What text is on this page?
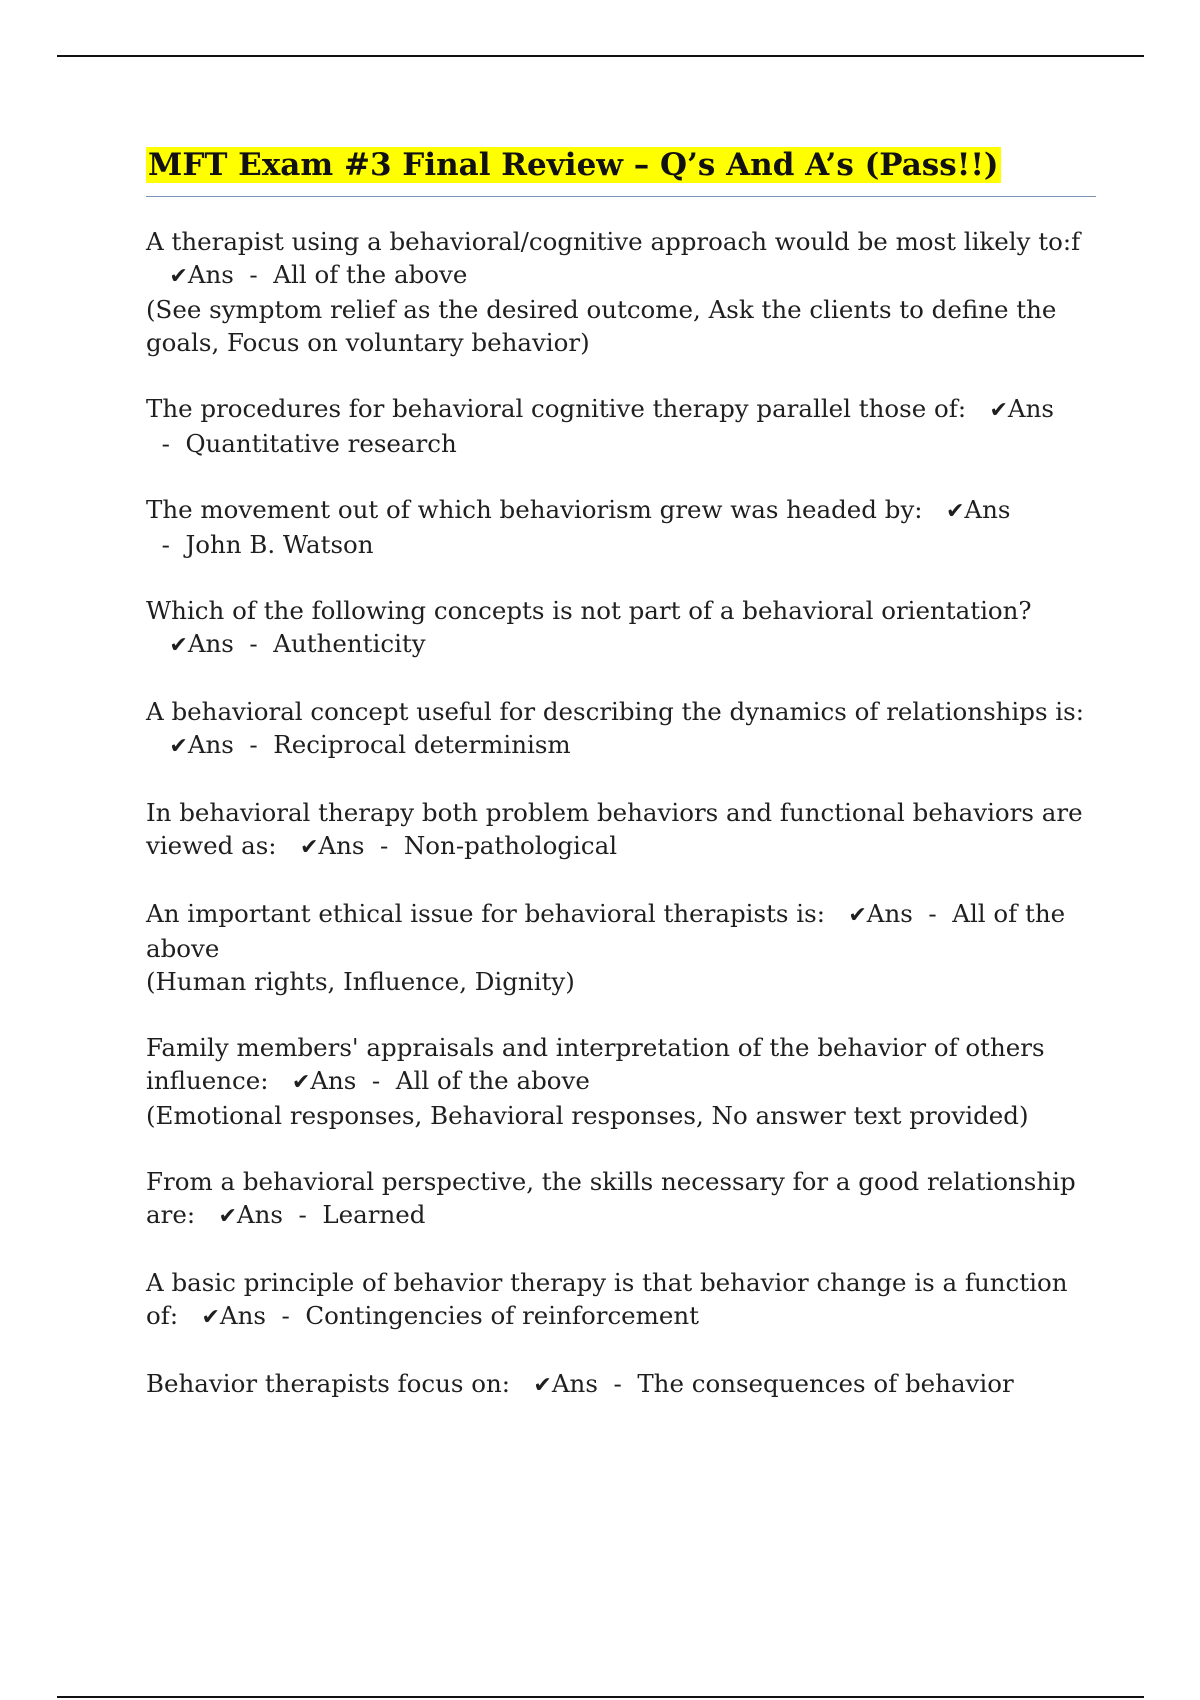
MFT Exam #3 Final Review – Q’s And A’s (Pass!!)
A therapist using a behavioral/cognitive approach would be most likely to:f   ✔Ans  -  All of the above
(See symptom relief as the desired outcome, Ask the clients to define the goals, Focus on voluntary behavior)
The procedures for behavioral cognitive therapy parallel those of: ✔Ans  -  Quantitative research
The movement out of which behaviorism grew was headed by: ✔Ans  -  John B. Watson
Which of the following concepts is not part of a behavioral orientation?   ✔Ans  -  Authenticity
A behavioral concept useful for describing the dynamics of relationships is:   ✔Ans  -  Reciprocal determinism
In behavioral therapy both problem behaviors and functional behaviors are viewed as: ✔Ans  -  Non-pathological
An important ethical issue for behavioral therapists is: ✔Ans  -  All of the above
(Human rights, Influence, Dignity)
Family members' appraisals and interpretation of the behavior of others influence: ✔Ans  -  All of the above
(Emotional responses, Behavioral responses, No answer text provided)
From a behavioral perspective, the skills necessary for a good relationship are: ✔Ans  -  Learned
A basic principle of behavior therapy is that behavior change is a function of: ✔Ans  -  Contingencies of reinforcement
Behavior therapists focus on: ✔Ans  -  The consequences of behavior
